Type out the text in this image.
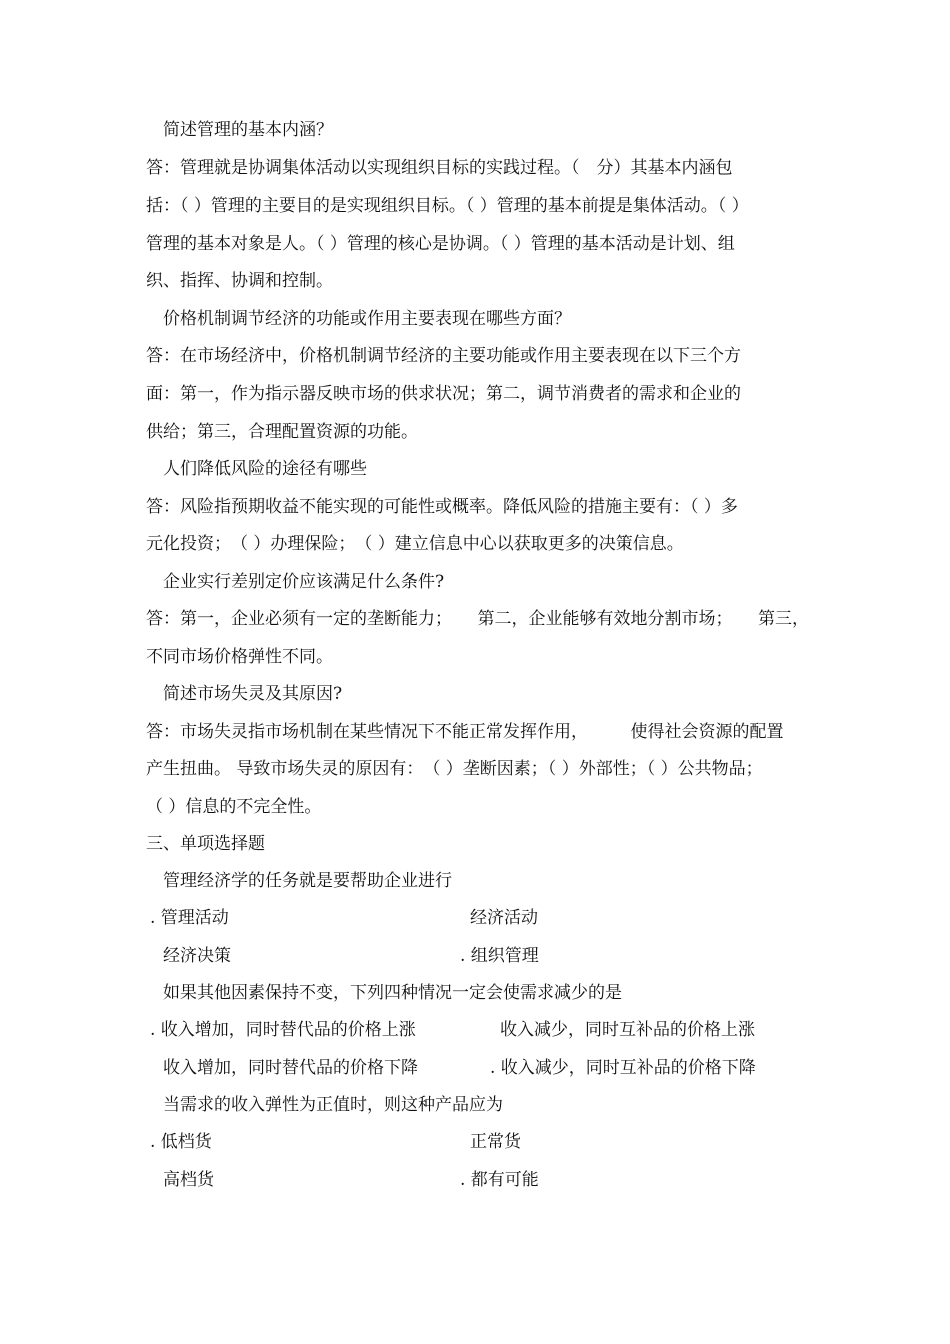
简述管理的基本内涵？
答：管理就是协调集体活动以实现组织目标的实践过程。（　分）其基本内涵包
括：（ ）管理的主要目的是实现组织目标。（ ）管理的基本前提是集体活动。（ ）
管理的基本对象是人。（ ）管理的核心是协调。（ ）管理的基本活动是计划、组
织、指挥、协调和控制。
价格机制调节经济的功能或作用主要表现在哪些方面？
答：在市场经济中，价格机制调节经济的主要功能或作用主要表现在以下三个方
面：第一，作为指示器反映市场的供求状况；第二，调节消费者的需求和企业的
供给；第三，合理配置资源的功能。
人们降低风险的途径有哪些
答：风险指预期收益不能实现的可能性或概率。降低风险的措施主要有：（ ）多
元化投资；　（ ）办理保险；　（ ）建立信息中心以获取更多的决策信息。
企业实行差别定价应该满足什么条件?
答：第一，企业必须有一定的垄断能力；　　第二，企业能够有效地分割市场；　　第三，
不同市场价格弹性不同。
简述市场失灵及其原因?
答：市场失灵指市场机制在某些情况下不能正常发挥作用，　　　使得社会资源的配置
产生扭曲。 导致市场失灵的原因有：　（ ）垄断因素；（ ）外部性；（ ）公共物品；
（ ）信息的不完全性。
三、单项选择题
管理经济学的任务就是要帮助企业进行
. 管理活动	经济活动
经济决策	. 组织管理
如果其他因素保持不变，下列四种情况一定会使需求减少的是
. 收入增加，同时替代品的价格上涨	收入减少，同时互补品的价格上涨
收入增加，同时替代品的价格下降	. 收入减少，同时互补品的价格下降
当需求的收入弹性为正值时，则这种产品应为
. 低档货	正常货
高档货	. 都有可能
